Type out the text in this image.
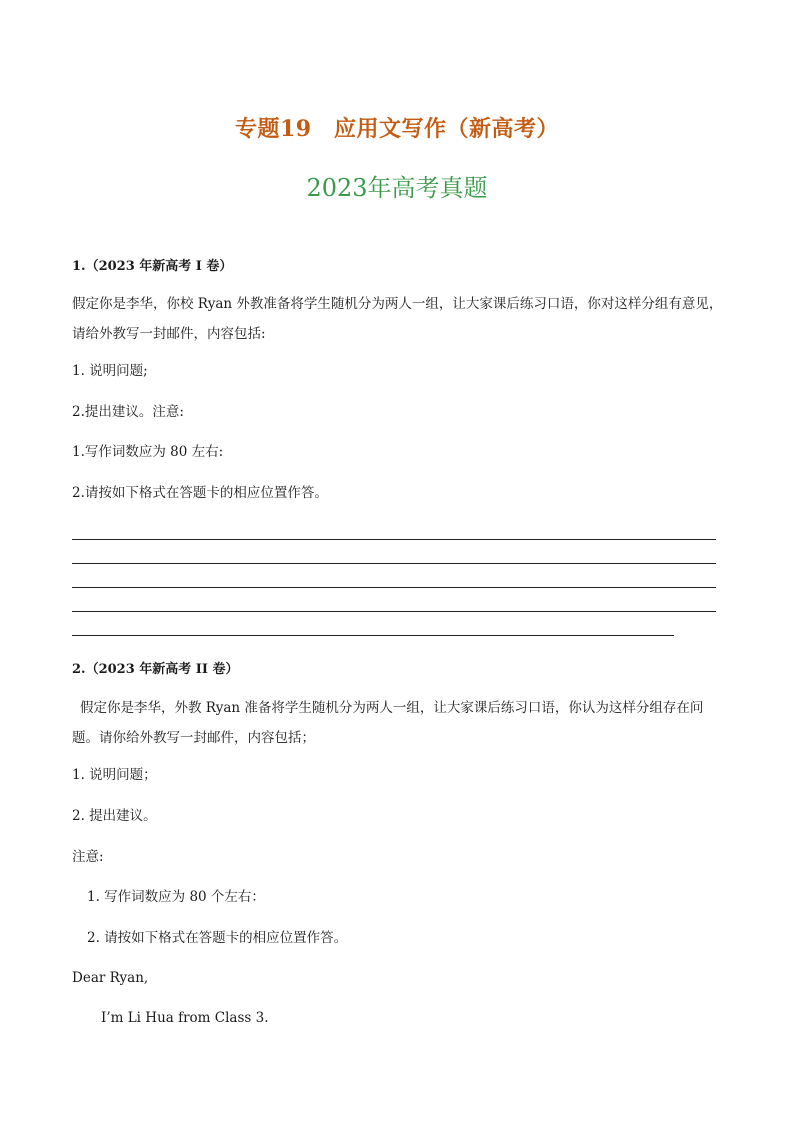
专题19　应用文写作（新高考）
2023年高考真题
1.（2023 年新高考 I 卷）
假定你是李华，你校 Ryan 外教准备将学生随机分为两人一组，让大家课后练习口语，你对这样分组有意见，请给外教写一封邮件，内容包括:
1. 说明问题;
2.提出建议。注意:
1.写作词数应为 80 左右:
2.请按如下格式在答题卡的相应位置作答。
2.（2023 年新高考 II 卷）
假定你是李华，外教 Ryan 准备将学生随机分为两人一组，让大家课后练习口语，你认为这样分组存在问题。请你给外教写一封邮件，内容包括；
1. 说明问题；
2. 提出建议。
注意:
1. 写作词数应为 80 个左右：
2. 请按如下格式在答题卡的相应位置作答。
Dear Ryan,
I’m Li Hua from Class 3.
